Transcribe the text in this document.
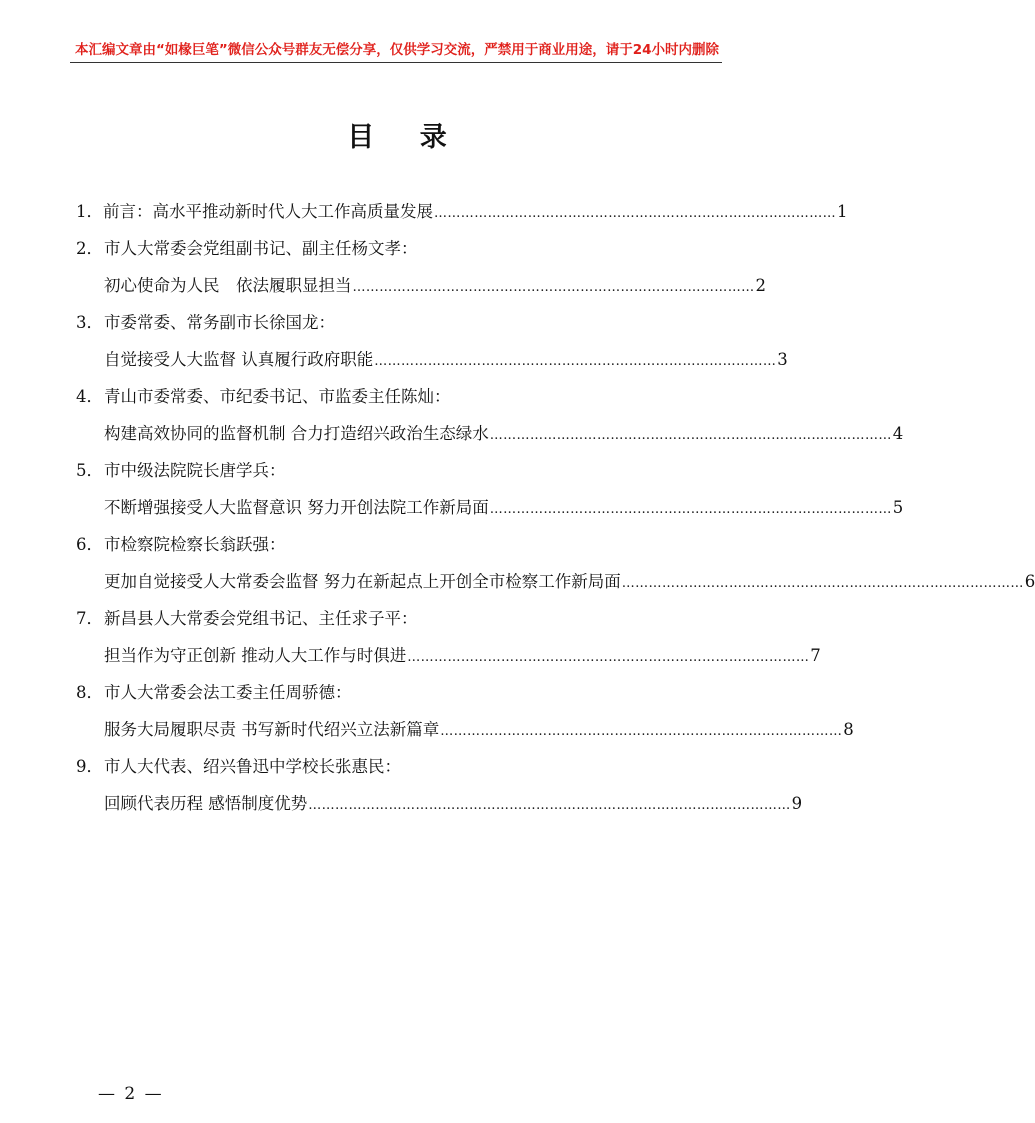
本汇编文章由“如椽巨笔”微信公众号群友无偿分享，仅供学习交流，严禁用于商业用途，请于24小时内删除
目 录
1． 前言：高水平推动新时代人大工作高质量发展 ……………………………………………………………………………… 1
2． 市人大常委会党组副书记、副主任杨文孝：
初心使命为人民　依法履职显担当 ……………………………………………………………………………… 2
3． 市委常委、常务副市长徐国龙：
自觉接受人大监督 认真履行政府职能 ……………………………………………………………………………… 3
4． 青山市委常委、市纪委书记、市监委主任陈灿：
构建高效协同的监督机制 合力打造绍兴政治生态绿水 ……………………………………………………………………………… 4
5． 市中级法院院长唐学兵：
不断增强接受人大监督意识 努力开创法院工作新局面 ……………………………………………………………………………… 5
6． 市检察院检察长翁跃强：
更加自觉接受人大常委会监督 努力在新起点上开创全市检察工作新局面 ……………………………………………………………………………… 6
7． 新昌县人大常委会党组书记、主任求子平：
担当作为守正创新 推动人大工作与时俱进 ……………………………………………………………………………… 7
8． 市人大常委会法工委主任周骄德：
服务大局履职尽责 书写新时代绍兴立法新篇章 ……………………………………………………………………………… 8
9． 市人大代表、绍兴鲁迅中学校长张惠民：
回顾代表历程 感悟制度优势 ……………………………………………………………………………………………… 9
— 2 —
